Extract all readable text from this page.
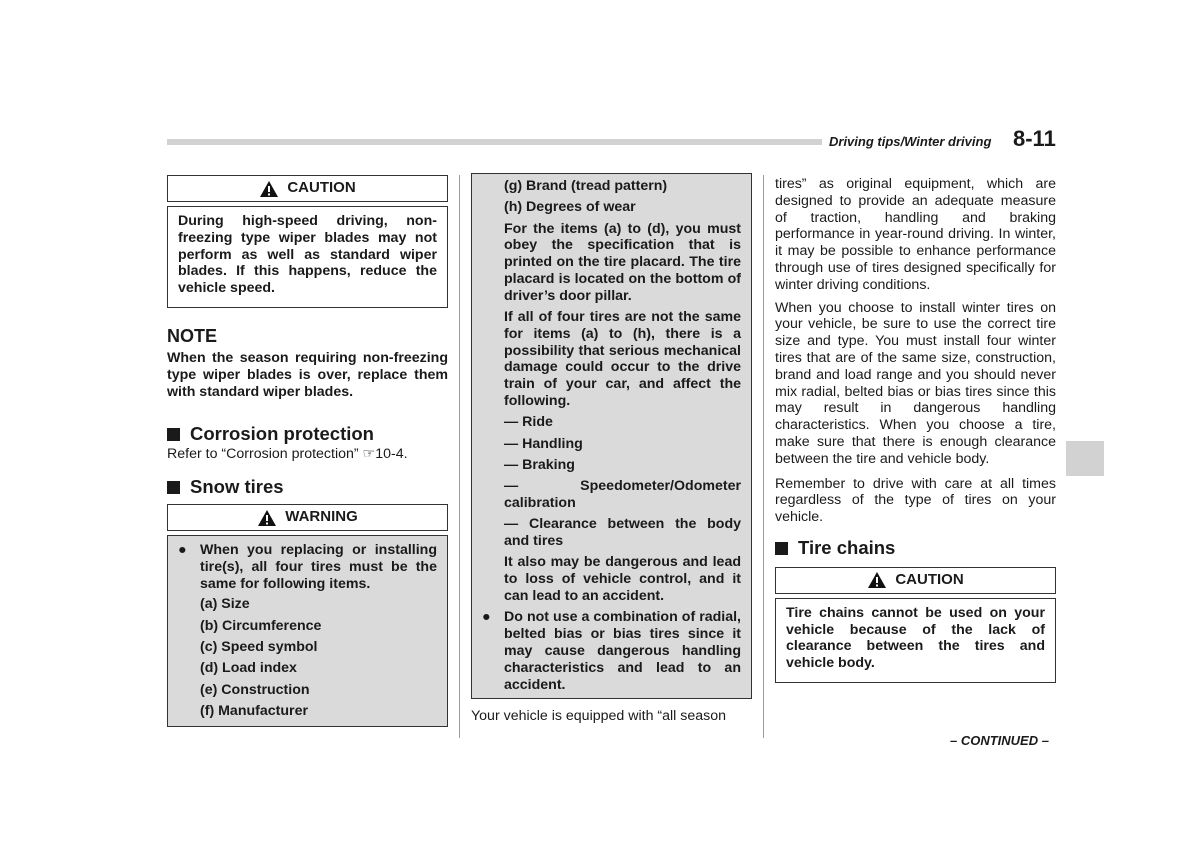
Driving tips/Winter driving 8-11
CAUTION

During high-speed driving, non-freezing type wiper blades may not perform as well as standard wiper blades. If this happens, reduce the vehicle speed.

NOTE

When the season requiring non-freezing type wiper blades is over, replace them with standard wiper blades.

Corrosion protection

Refer to “Corrosion protection” ☞10-4.

Snow tires
WARNING
● When you replacing or installing tire(s), all four tires must be the same for following items.

(a) Size

(b) Circumference

(c) Speed symbol

(d) Load index

(e) Construction

(f) Manufacturer

(g) Brand (tread pattern)

(h) Degrees of wear

For the items (a) to (d), you must obey the specification that is printed on the tire placard. The tire placard is located on the bottom of driver’s door pillar.

If all of four tires are not the same for items (a) to (h), there is a possibility that serious mechanical damage could occur to the drive train of your car, and affect the following.

— Ride

— Handling

— Braking

— Speedometer/Odometer calibration

— Clearance between the body and tires

It also may be dangerous and lead to loss of vehicle control, and it can lead to an accident.

● Do not use a combination of radial, belted bias or bias tires since it may cause dangerous handling characteristics and lead to an accident.

Your vehicle is equipped with “all season

tires” as original equipment, which are designed to provide an adequate measure of traction, handling and braking performance in year-round driving. In winter, it may be possible to enhance performance through use of tires designed specifically for winter driving conditions.

When you choose to install winter tires on your vehicle, be sure to use the correct tire size and type. You must install four winter tires that are of the same size, construction, brand and load range and you should never mix radial, belted bias or bias tires since this may result in dangerous handling characteristics. When you choose a tire, make sure that there is enough clearance between the tire and vehicle body.

Remember to drive with care at all times regardless of the type of tires on your vehicle.

Tire chains
CAUTION

Tire chains cannot be used on your vehicle because of the lack of clearance between the tires and vehicle body.

– CONTINUED –
